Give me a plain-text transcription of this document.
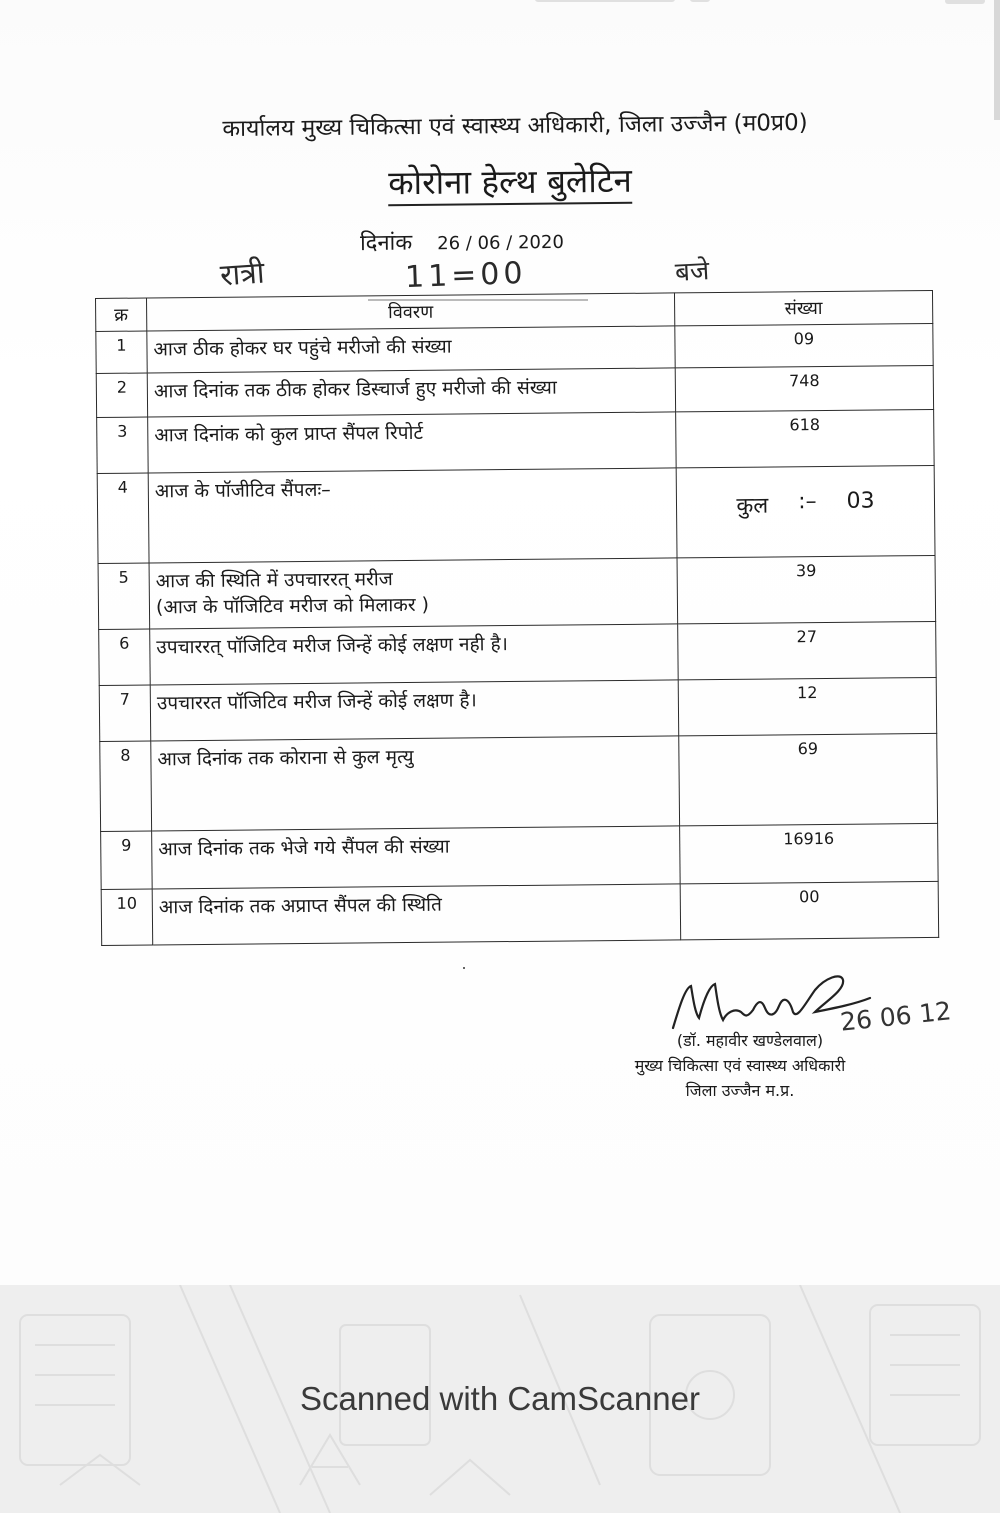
कार्यालय मुख्य चिकित्सा एवं स्वास्थ्य अधिकारी, जिला उज्जैन (म0प्र0)
कोरोना हेल्थ बुलेटिन
दिनांक 26 / 06 / 2020
रात्री	11=00	बजे
क्र	विवरण	संख्या
1	आज ठीक होकर घर पहुंचे मरीजो की संख्या	09
2	आज दिनांक तक ठीक होकर डिस्चार्ज हुए मरीजो की संख्या	748
3	आज दिनांक को कुल प्राप्त सैंपल रिपोर्ट	618
4	आज के पॉजीटिव सैंपलः–	कुल :– 03

5	आज की स्थिति में उपचाररत् मरीज
(आज के पॉजिटिव मरीज को मिलाकर )	39
6	उपचाररत् पॉजिटिव मरीज जिन्हें कोई लक्षण नही है।	27
7	उपचाररत पॉजिटिव मरीज जिन्हें कोई लक्षण है।	12
8	आज दिनांक तक कोराना से कुल मृत्यु	69
9	आज दिनांक तक भेजे गये सैंपल की संख्या	16916
10	आज दिनांक तक अप्राप्त सैंपल की स्थिति	00
26 06 12
(डॉ. महावीर खण्डेलवाल)
मुख्य चिकित्सा एवं स्वास्थ्य अधिकारी
जिला उज्जैन म.प्र.
Scanned with CamScanner
